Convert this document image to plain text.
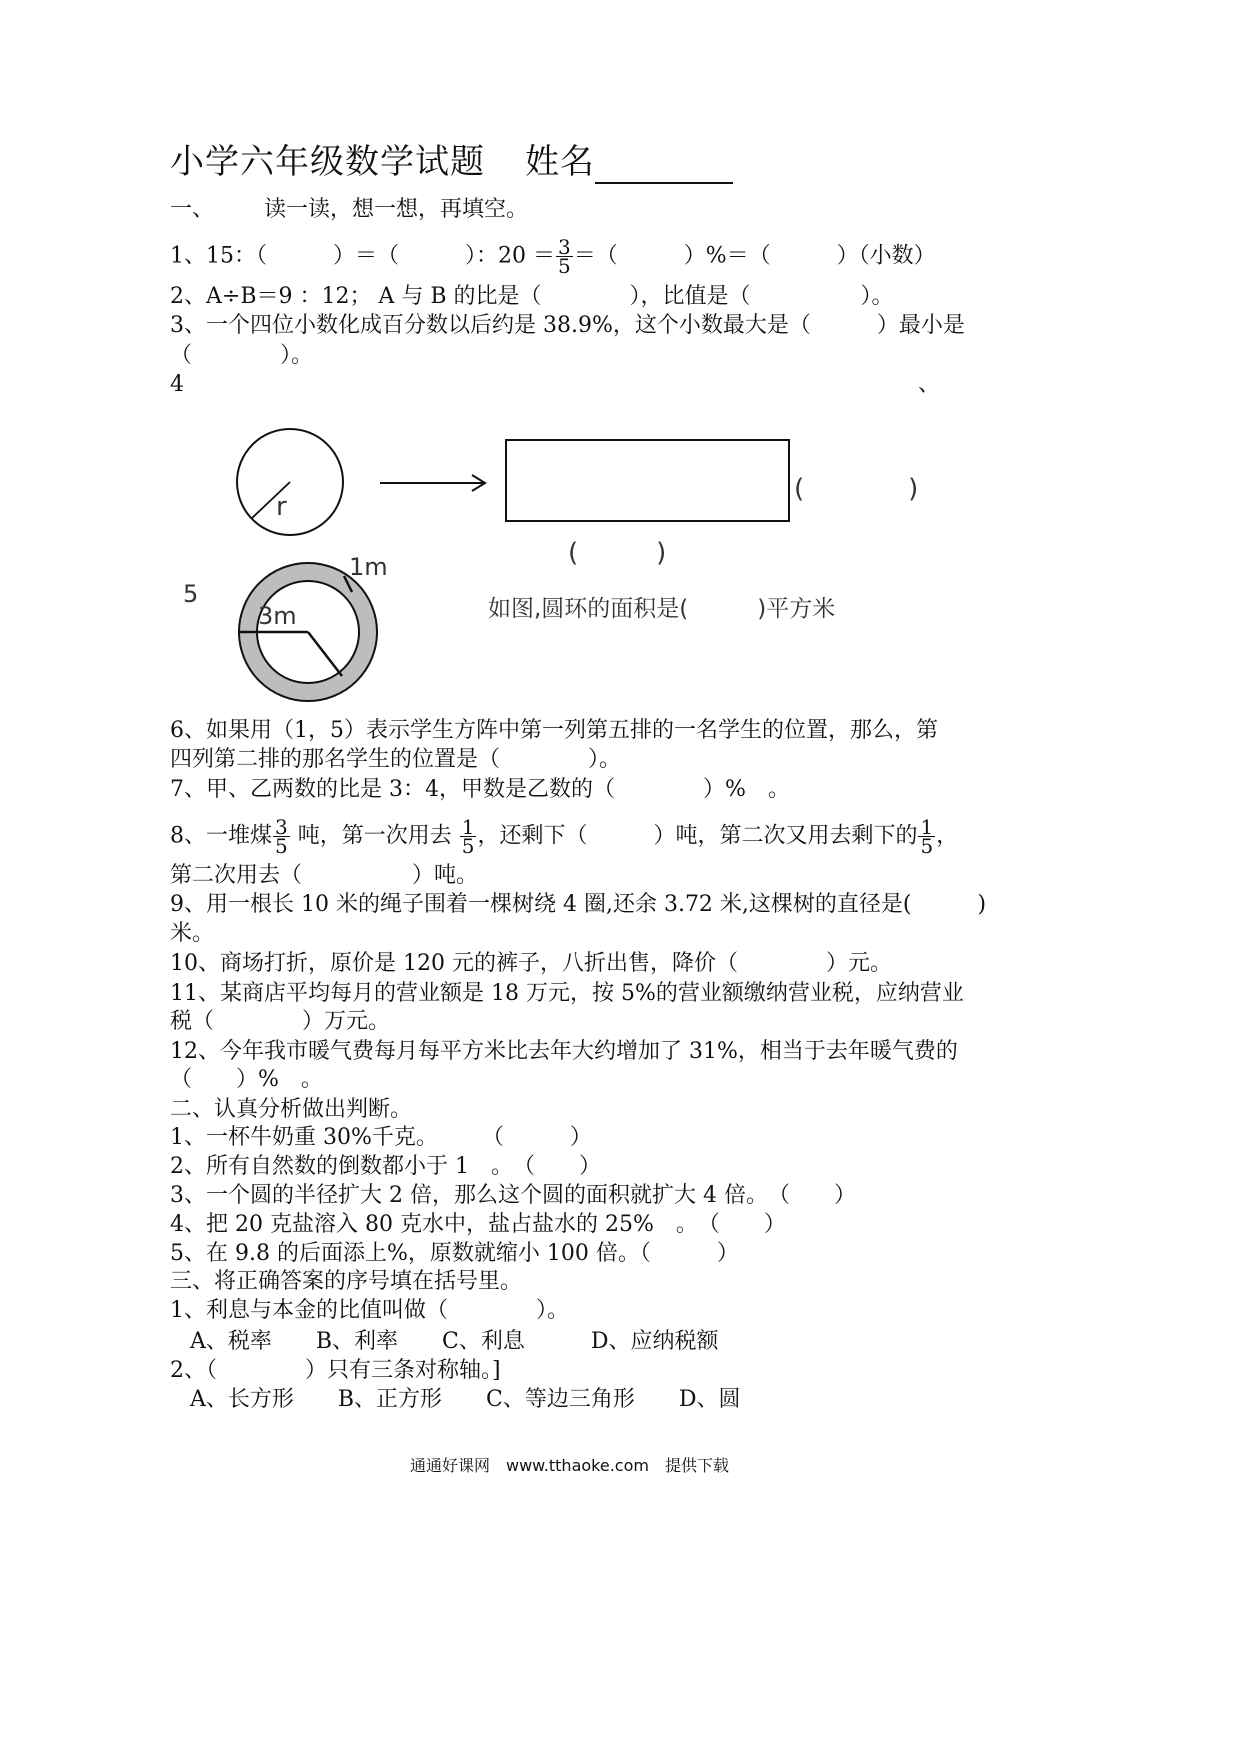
小学六年级数学试题 姓名
一、 读一读，想一想，再填空。
1、15：（　　　）＝（　　　）：$20 = \frac{3}{5}$ ＝（　　　）%＝（　　　）（小数）
2、A÷B＝9 ：12； A 与 B 的比是（　　　　），比值是（　　　　　）。
3、一个四位小数化成百分数以后约是 38.9%，这个小数最大是（　　　）最小是
（　　　　）。
4	、
r
(　　　　)
(　　　)
5
1m
3m	如图,圆环的面积是(　　　)平方米
6、如果用（1，5）表示学生方阵中第一列第五排的一名学生的位置，那么，第
四列第二排的那名学生的位置是（　　　　）。
7、甲、乙两数的比是 3：4，甲数是乙数的（　　　　）%　。
8、一堆煤 $\frac{3}{5}$ 吨，第一次用去 $\frac{1}{5}$ ，还剩下（　　　）吨，第二次又用去剩下的 $\frac{1}{5}$ ，
第二次用去（　　　　　）吨。
9、用一根长 10 米的绳子围着一棵树绕 4 圈,还余 3.72 米,这棵树的直径是(　　　)
米。
10、商场打折，原价是 120 元的裤子，八折出售，降价（　　　　）元。
11、某商店平均每月的营业额是 18 万元，按 5%的营业额缴纳营业税，应纳营业
税（　　　　）万元。
12、今年我市暖气费每月每平方米比去年大约增加了 31%，相当于去年暖气费的
（　　）%　。
二、认真分析做出判断。
1、一杯牛奶重 30%千克。　　　（　　　）
2、所有自然数的倒数都小于 1　。　（　　）
3、一个圆的半径扩大 2 倍，那么这个圆的面积就扩大 4 倍。　（　　）
4、把 20 克盐溶入 80 克水中，盐占盐水的 25%　。　（　　）
5、在 9.8 的后面添上%，原数就缩小 100 倍。（　　　）
三、将正确答案的序号填在括号里。
1、利息与本金的比值叫做（　　　　）。
A、税率　　B、利率　　C、利息　　　D、应纳税额
2、（　　　　）只有三条对称轴。]
A、长方形　　B、正方形　　C、等边三角形　　D、圆
通通好课网　www.tthaoke.com　提供下载
